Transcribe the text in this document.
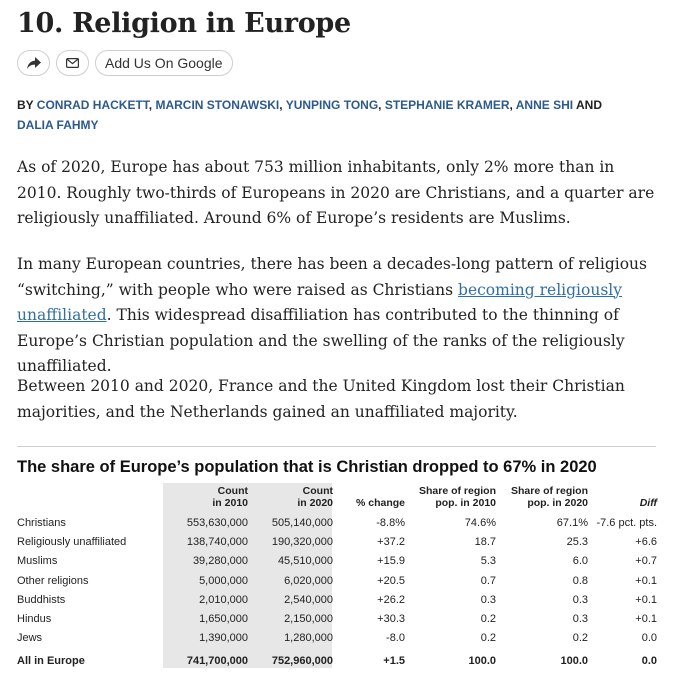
10. Religion in Europe
Add Us On Google
BY CONRAD HACKETT, MARCIN STONAWSKI, YUNPING TONG, STEPHANIE KRAMER, ANNE SHI AND
DALIA FAHMY

As of 2020, Europe has about 753 million inhabitants, only 2% more than in 2010. Roughly two-thirds of Europeans in 2020 are Christians, and a quarter are religiously unaffiliated. Around 6% of Europe’s residents are Muslims.

In many European countries, there has been a decades-long pattern of religious “switching,” with people who were raised as Christians becoming religiously unaffiliated. This widespread disaffiliation has contributed to the thinning of Europe’s Christian population and the swelling of the ranks of the religiously unaffiliated.

Between 2010 and 2020, France and the United Kingdom lost their Christian majorities, and the Netherlands gained an unaffiliated majority.

The share of Europe’s population that is Christian dropped to 67% in 2020
	Count
in 2010	Count
in 2020	% change	Share of region
pop. in 2010	Share of region
pop. in 2020	Diff
Christians	553,630,000	505,140,000	-8.8%	74.6%	67.1%	-7.6 pct. pts.
Religiously unaffiliated	138,740,000	190,320,000	+37.2	18.7	25.3	+6.6
Muslims	39,280,000	45,510,000	+15.9	5.3	6.0	+0.7
Other religions	5,000,000	6,020,000	+20.5	0.7	0.8	+0.1
Buddhists	2,010,000	2,540,000	+26.2	0.3	0.3	+0.1
Hindus	1,650,000	2,150,000	+30.3	0.2	0.3	+0.1
Jews	1,390,000	1,280,000	-8.0	0.2	0.2	0.0
All in Europe	741,700,000	752,960,000	+1.5	100.0	100.0	0.0
